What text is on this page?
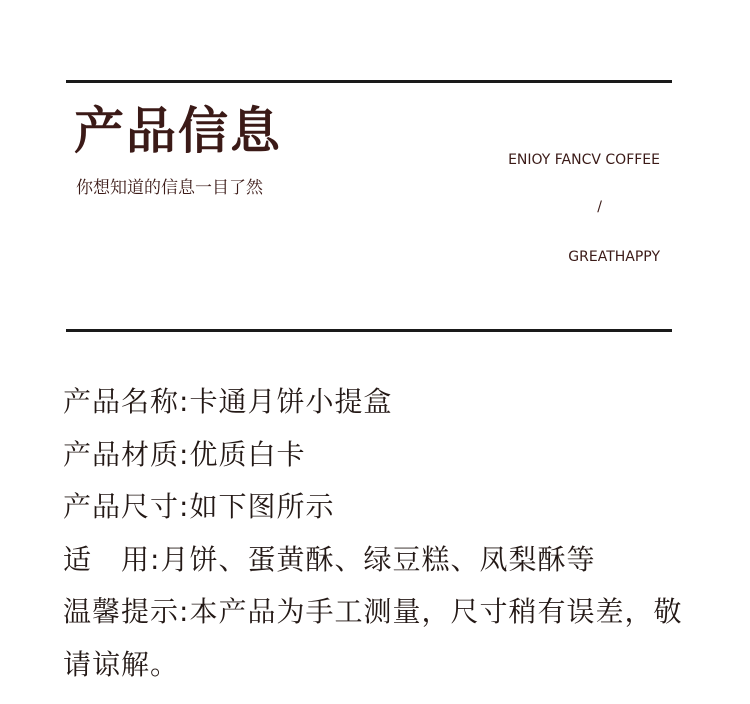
产品信息
你想知道的信息一目了然
ENIOY FANCV COFFEE
/
GREATHAPPY
产品名称:卡通月饼小提盒
产品材质:优质白卡
产品尺寸:如下图所示
适　用:月饼、蛋黄酥、绿豆糕、凤梨酥等
温馨提示:本产品为手工测量，尺寸稍有误差，敬请谅解。
